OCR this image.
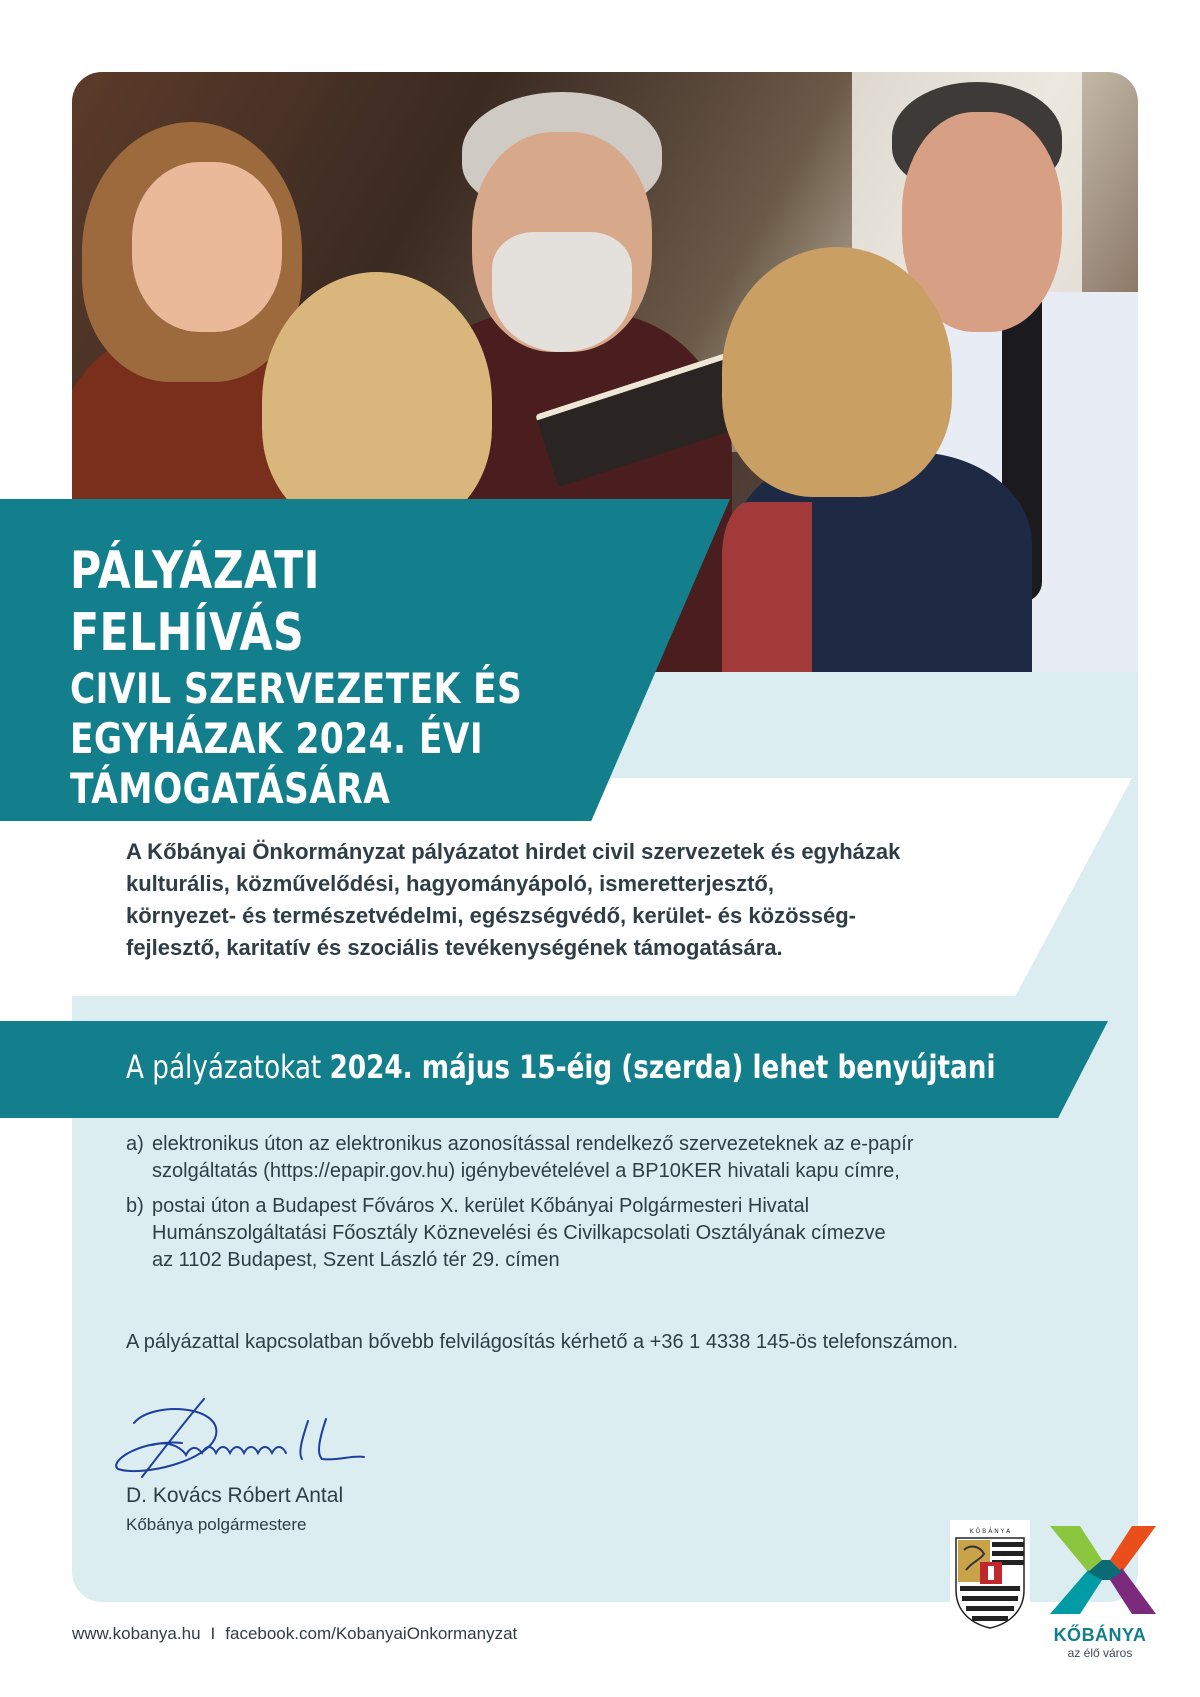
PÁLYÁZATI FELHÍVÁS
CIVIL SZERVEZETEK ÉS
EGYHÁZAK 2024. ÉVI
TÁMOGATÁSÁRA
A Kőbányai Önkormányzat pályázatot hirdet civil szervezetek és egyházak
kulturális, közművelődési, hagyományápoló, ismeretterjesztő,
környezet- és természetvédelmi, egészségvédő, kerület- és közösség-
fejlesztő, karitatív és szociális tevékenységének támogatására.
A pályázatokat 2024. május 15-éig (szerda) lehet benyújtani
a) elektronikus úton az elektronikus azonosítással rendelkező szervezeteknek az e-papír
szolgáltatás (https://epapir.gov.hu) igénybevételével a BP10KER hivatali kapu címre,
b) postai úton a Budapest Főváros X. kerület Kőbányai Polgármesteri Hivatal
Humánszolgáltatási Főosztály Köznevelési és Civilkapcsolati Osztályának címezve
az 1102 Budapest, Szent László tér 29. címen
A pályázattal kapcsolatban bővebb felvilágosítás kérhető a +36 1 4338 145-ös telefonszámon.
D. Kovács Róbert Antal
Kőbánya polgármestere	K Ő B Á N Y A
KŐBÁNYA
az élő város
www.kobanya.hu I facebook.com/KobanyaiOnkormanyzat
